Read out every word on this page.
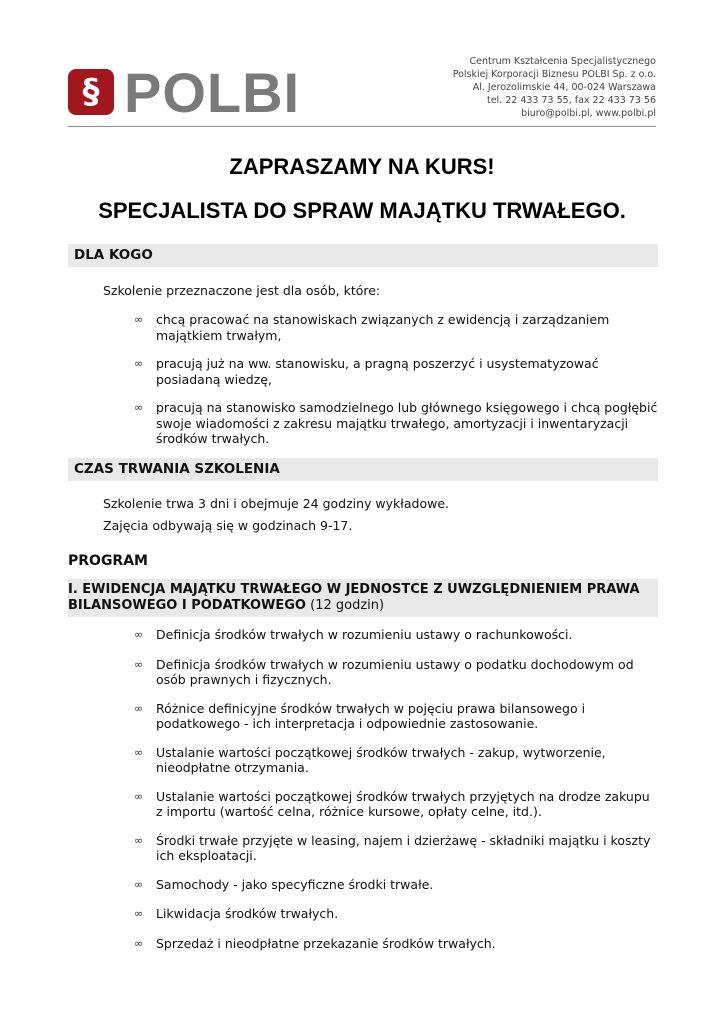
§ POLBI	Centrum Kształcenia Specjalistycznego
Polskiej Korporacji Biznesu POLBI Sp. z o.o.
Al. Jerozolimskie 44, 00-024 Warszawa
tel. 22 433 73 55, fax 22 433 73 56
biuro@polbi.pl, www.polbi.pl
ZAPRASZAMY NA KURS!
SPECJALISTA DO SPRAW MAJĄTKU TRWAŁEGO.
DLA KOGO
Szkolenie przeznaczone jest dla osób, które:
∞ chcą pracować na stanowiskach związanych z ewidencją i zarządzaniem majątkiem trwałym,
∞ pracują już na ww. stanowisku, a pragną poszerzyć i usystematyzować posiadaną wiedzę,
∞ pracują na stanowisko samodzielnego lub głównego księgowego i chcą pogłębić swoje wiadomości z zakresu majątku trwałego, amortyzacji i inwentaryzacji środków trwałych.
CZAS TRWANIA SZKOLENIA
Szkolenie trwa 3 dni i obejmuje 24 godziny wykładowe.
Zajęcia odbywają się w godzinach 9-17.
PROGRAM
I. EWIDENCJA MAJĄTKU TRWAŁEGO W JEDNOSTCE Z UWZGLĘDNIENIEM PRAWA BILANSOWEGO I PODATKOWEGO (12 godzin)
∞ Definicja środków trwałych w rozumieniu ustawy o rachunkowości.
∞ Definicja środków trwałych w rozumieniu ustawy o podatku dochodowym od osób prawnych i fizycznych.
∞ Różnice definicyjne środków trwałych w pojęciu prawa bilansowego i podatkowego - ich interpretacja i odpowiednie zastosowanie.
∞ Ustalanie wartości początkowej środków trwałych - zakup, wytworzenie, nieodpłatne otrzymania.
∞ Ustalanie wartości początkowej środków trwałych przyjętych na drodze zakupu z importu (wartość celna, różnice kursowe, opłaty celne, itd.).
∞ Środki trwałe przyjęte w leasing, najem i dzierżawę - składniki majątku i koszty ich eksploatacji.
∞ Samochody - jako specyficzne środki trwałe.
∞ Likwidacja środków trwałych.
∞ Sprzedaż i nieodpłatne przekazanie środków trwałych.
